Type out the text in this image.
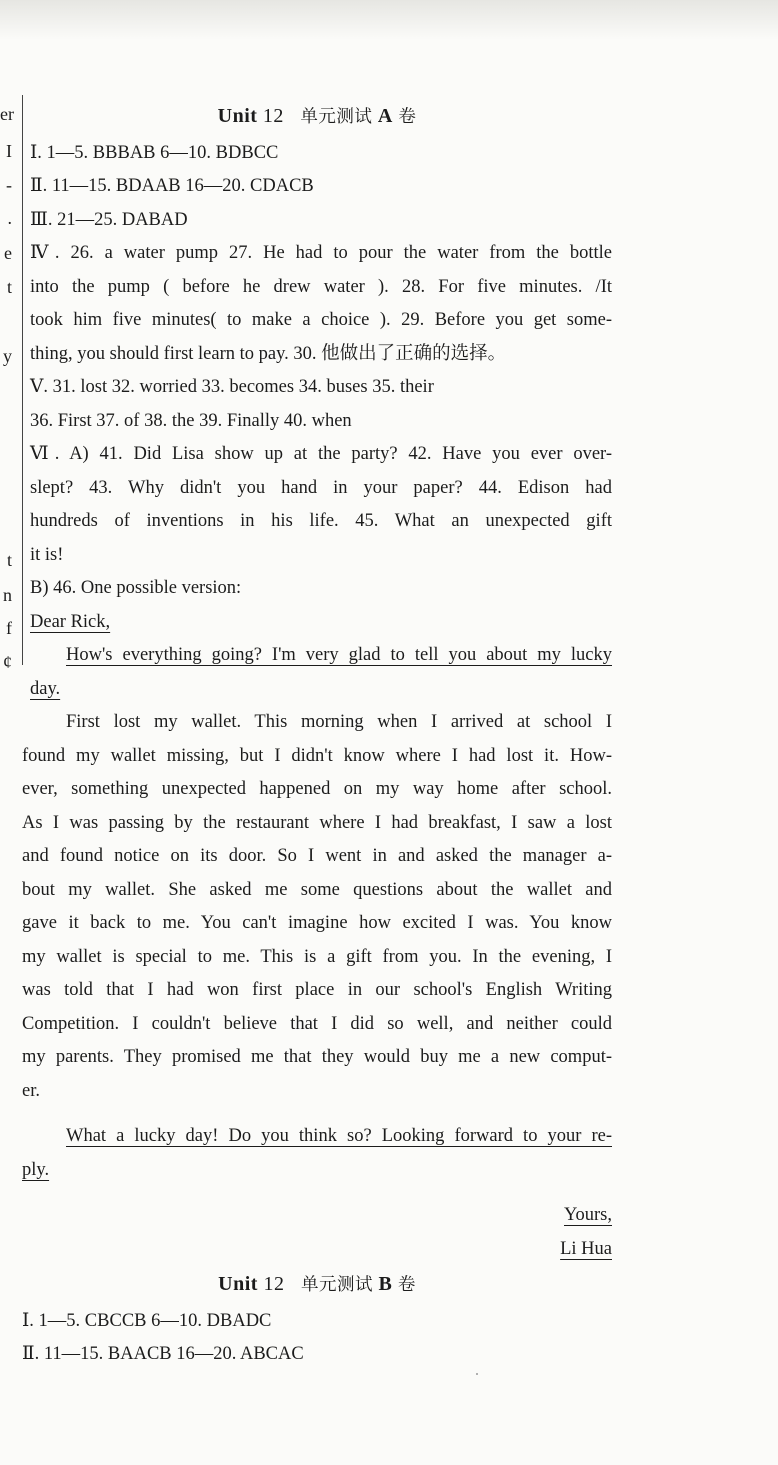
er
I
-
.
e
t
y
t
n
f
¢
Unit 12 单元测试 A 卷
Ⅰ. 1—5. BBBAB 6—10. BDBCC
Ⅱ. 11—15. BDAAB 16—20. CDACB
Ⅲ. 21—25. DABAD
Ⅳ. 26. a water pump 27. He had to pour the water from the bottle
into the pump ( before he drew water ). 28. For five minutes. /It
took him five minutes( to make a choice ). 29. Before you get some-
thing, you should first learn to pay. 30. 他做出了正确的选择。
Ⅴ. 31. lost 32. worried 33. becomes 34. buses 35. their
36. First 37. of 38. the 39. Finally 40. when
Ⅵ. A) 41. Did Lisa show up at the party? 42. Have you ever over-
slept? 43. Why didn't you hand in your paper? 44. Edison had
hundreds of inventions in his life. 45. What an unexpected gift
it is!
B) 46. One possible version:
Dear Rick,
How's everything going? I'm very glad to tell you about my lucky
day.
First lost my wallet. This morning when I arrived at school I
found my wallet missing, but I didn't know where I had lost it. How-
ever, something unexpected happened on my way home after school.
As I was passing by the restaurant where I had breakfast, I saw a lost
and found notice on its door. So I went in and asked the manager a-
bout my wallet. She asked me some questions about the wallet and
gave it back to me. You can't imagine how excited I was. You know
my wallet is special to me. This is a gift from you. In the evening, I
was told that I had won first place in our school's English Writing
Competition. I couldn't believe that I did so well, and neither could
my parents. They promised me that they would buy me a new comput-
er.
What a lucky day! Do you think so? Looking forward to your re-
ply.
Yours,
Li Hua
Unit 12 单元测试 B 卷
Ⅰ. 1—5. CBCCB 6—10. DBADC
Ⅱ. 11—15. BAACB 16—20. ABCAC
